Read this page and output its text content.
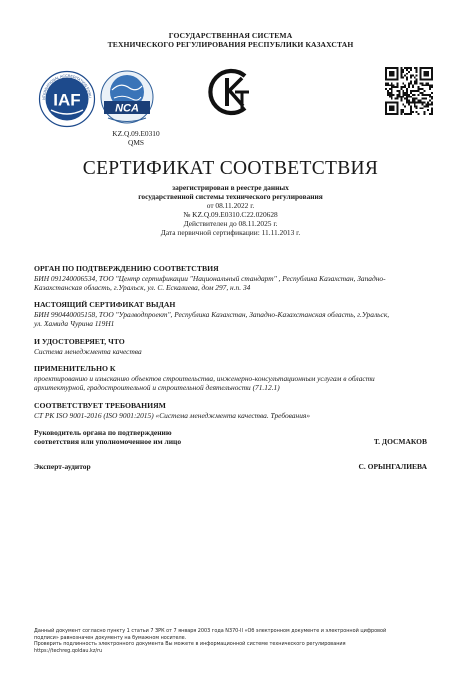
ГОСУДАРСТВЕННАЯ СИСТЕМА
ТЕХНИЧЕСКОГО РЕГУЛИРОВАНИЯ РЕСПУБЛИКИ КАЗАХСТАН
IAF
NTERNATIONAL ACCREDITATION FORU
NCA
KZ.Q.09.E0310
QMS
СЕРТИФИКАТ СООТВЕТСТВИЯ
зарегистрирован в реестре данных
государственной системы технического регулирования
от 08.11.2022 г.
№ KZ.Q.09.E0310.C22.020628
Действителен до 08.11.2025 г.
Дата первичной сертификации: 11.11.2013 г.
ОРГАН ПО ПОДТВЕРЖДЕНИЮ СООТВЕТСТВИЯ
БИН 091240006534, ТОО "Центр сертификации "Национальный стандарт" , Республика Казахстан, Западно-
Казахстанская область, г.Уральск, ул. С. Ескалиева, дом 297, н.п. 34
НАСТОЯЩИЙ СЕРТИФИКАТ ВЫДАН
БИН 990440005158, ТОО "Уралводпроект", Республика Казахстан, Западно-Казахстанская область, г.Уральск,
ул. Хамида Чурина 119Н1
И УДОСТОВЕРЯЕТ, ЧТО
Система менеджмента качества
ПРИМЕНИТЕЛЬНО К
проектированию и изысканию объектов строительства, инженерно-консультационным услугам в области
архитектурной, градостроительной и строительной деятельности (71.12.1)
СООТВЕТСТВУЕТ ТРЕБОВАНИЯМ
СТ РК ISO 9001-2016 (ISO 9001:2015) «Система менеджмента качества. Требования»
Руководитель органа по подтверждению
соответствия или уполномоченное им лицо	Т. ДОСМАКОВ
Эксперт-аудитор	С. ОРЫНГАЛИЕВА
Данный документ согласно пункту 1 статьи 7 ЗРК от 7 января 2003 года N370-II «Об электронном документе и электронной цифровой
подписи» равнозначен документу на бумажном носителе.
Проверить подлинность электронного документа Вы можете в информационной системе технического регулирования
https://techreg.qoldau.kz/ru
